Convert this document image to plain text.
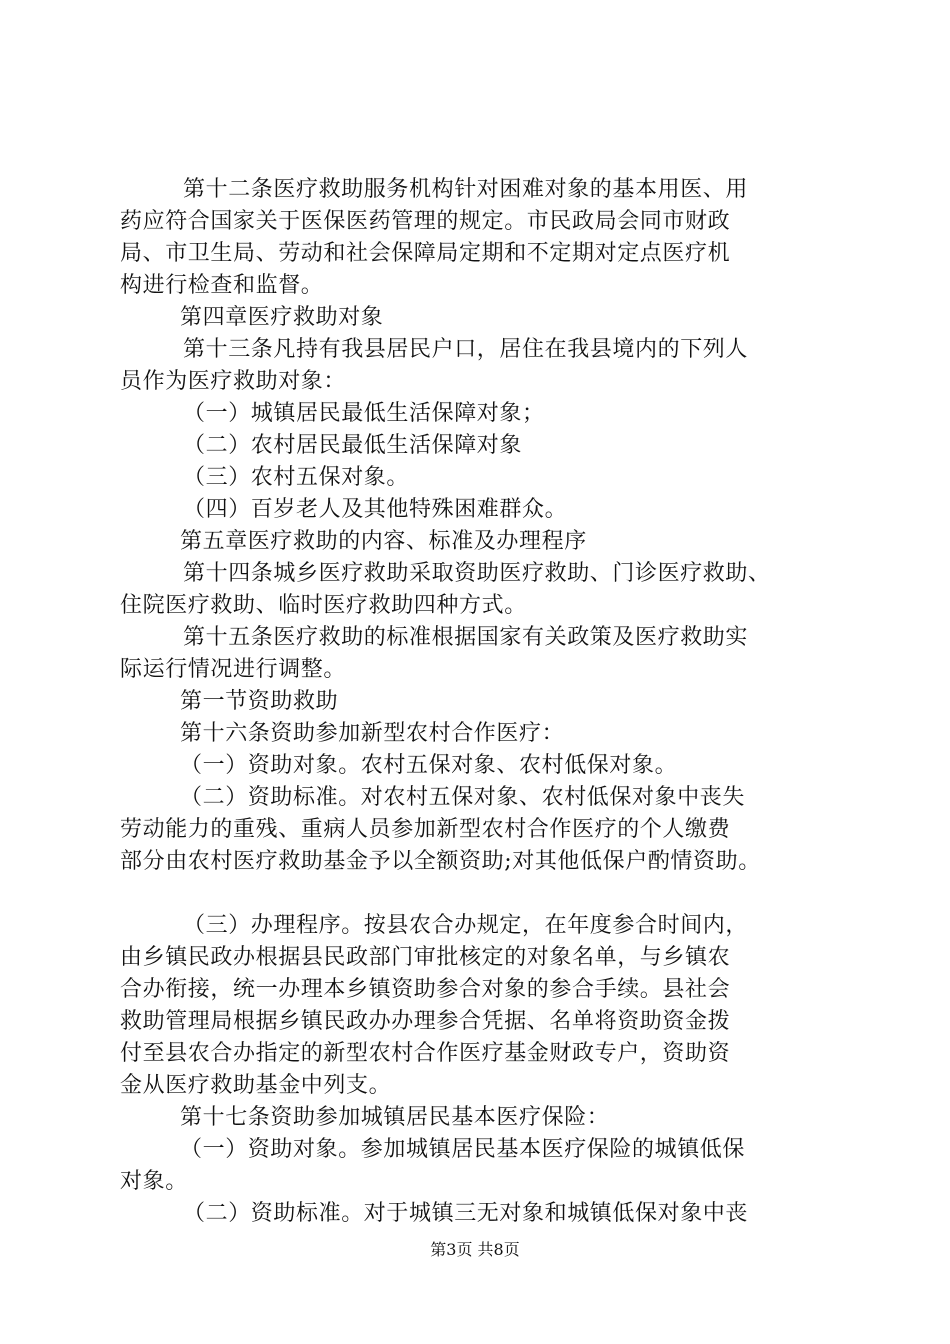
第十二条医疗救助服务机构针对困难对象的基本用医、用
药应符合国家关于医保医药管理的规定。市民政局会同市财政
局、市卫生局、劳动和社会保障局定期和不定期对定点医疗机
构进行检查和监督。
第四章医疗救助对象
第十三条凡持有我县居民户口，居住在我县境内的下列人
员作为医疗救助对象：
（一）城镇居民最低生活保障对象；
（二）农村居民最低生活保障对象
（三）农村五保对象。
（四）百岁老人及其他特殊困难群众。
第五章医疗救助的内容、标准及办理程序
第十四条城乡医疗救助采取资助医疗救助、门诊医疗救助、
住院医疗救助、临时医疗救助四种方式。
第十五条医疗救助的标准根据国家有关政策及医疗救助实
际运行情况进行调整。
第一节资助救助
第十六条资助参加新型农村合作医疗：
（一）资助对象。农村五保对象、农村低保对象。
（二）资助标准。对农村五保对象、农村低保对象中丧失
劳动能力的重残、重病人员参加新型农村合作医疗的个人缴费
部分由农村医疗救助基金予以全额资助;对其他低保户酌情资助。
（三）办理程序。按县农合办规定，在年度参合时间内，
由乡镇民政办根据县民政部门审批核定的对象名单，与乡镇农
合办衔接，统一办理本乡镇资助参合对象的参合手续。县社会
救助管理局根据乡镇民政办办理参合凭据、名单将资助资金拨
付至县农合办指定的新型农村合作医疗基金财政专户，资助资
金从医疗救助基金中列支。
第十七条资助参加城镇居民基本医疗保险：
（一）资助对象。参加城镇居民基本医疗保险的城镇低保
对象。
（二）资助标准。对于城镇三无对象和城镇低保对象中丧
第3页 共8页
